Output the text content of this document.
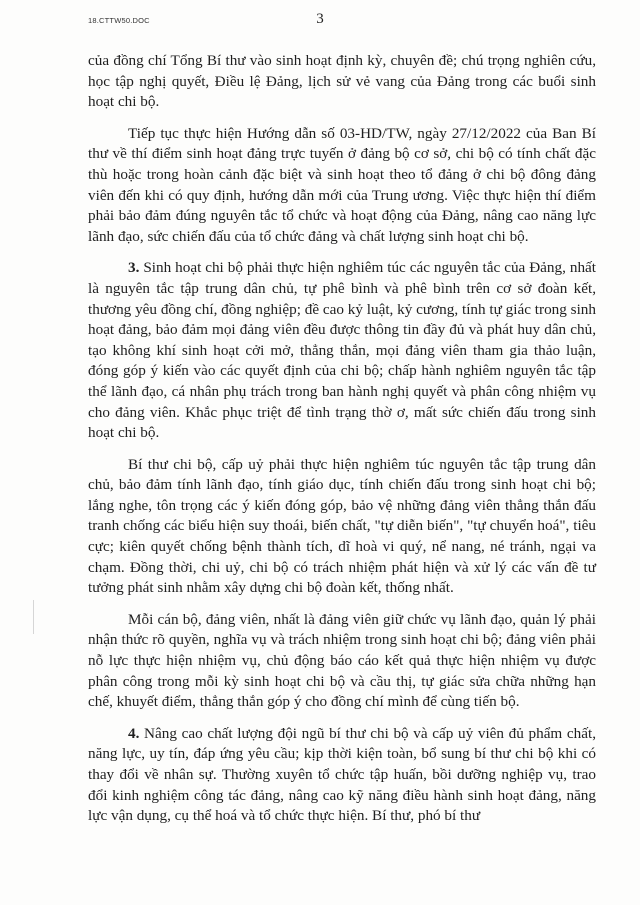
18.CTTW50.DOC	3

của đồng chí Tổng Bí thư vào sinh hoạt định kỳ, chuyên đề; chú trọng nghiên cứu, học tập nghị quyết, Điều lệ Đảng, lịch sử vẻ vang của Đảng trong các buổi sinh hoạt chi bộ.

Tiếp tục thực hiện Hướng dẫn số 03-HD/TW, ngày 27/12/2022 của Ban Bí thư về thí điểm sinh hoạt đảng trực tuyến ở đảng bộ cơ sở, chi bộ có tính chất đặc thù hoặc trong hoàn cảnh đặc biệt và sinh hoạt theo tổ đảng ở chi bộ đông đảng viên đến khi có quy định, hướng dẫn mới của Trung ương. Việc thực hiện thí điểm phải bảo đảm đúng nguyên tắc tổ chức và hoạt động của Đảng, nâng cao năng lực lãnh đạo, sức chiến đấu của tổ chức đảng và chất lượng sinh hoạt chi bộ.

3. Sinh hoạt chi bộ phải thực hiện nghiêm túc các nguyên tắc của Đảng, nhất là nguyên tắc tập trung dân chủ, tự phê bình và phê bình trên cơ sở đoàn kết, thương yêu đồng chí, đồng nghiệp; đề cao kỷ luật, kỷ cương, tính tự giác trong sinh hoạt đảng, bảo đảm mọi đảng viên đều được thông tin đầy đủ và phát huy dân chủ, tạo không khí sinh hoạt cởi mở, thẳng thắn, mọi đảng viên tham gia thảo luận, đóng góp ý kiến vào các quyết định của chi bộ; chấp hành nghiêm nguyên tắc tập thể lãnh đạo, cá nhân phụ trách trong ban hành nghị quyết và phân công nhiệm vụ cho đảng viên. Khắc phục triệt để tình trạng thờ ơ, mất sức chiến đấu trong sinh hoạt chi bộ.

Bí thư chi bộ, cấp uỷ phải thực hiện nghiêm túc nguyên tắc tập trung dân chủ, bảo đảm tính lãnh đạo, tính giáo dục, tính chiến đấu trong sinh hoạt chi bộ; lắng nghe, tôn trọng các ý kiến đóng góp, bảo vệ những đảng viên thẳng thắn đấu tranh chống các biểu hiện suy thoái, biến chất, "tự diễn biến", "tự chuyển hoá", tiêu cực; kiên quyết chống bệnh thành tích, dĩ hoà vi quý, nể nang, né tránh, ngại va chạm. Đồng thời, chi uỷ, chi bộ có trách nhiệm phát hiện và xử lý các vấn đề tư tưởng phát sinh nhằm xây dựng chi bộ đoàn kết, thống nhất.

Mỗi cán bộ, đảng viên, nhất là đảng viên giữ chức vụ lãnh đạo, quản lý phải nhận thức rõ quyền, nghĩa vụ và trách nhiệm trong sinh hoạt chi bộ; đảng viên phải nỗ lực thực hiện nhiệm vụ, chủ động báo cáo kết quả thực hiện nhiệm vụ được phân công trong mỗi kỳ sinh hoạt chi bộ và cầu thị, tự giác sửa chữa những hạn chế, khuyết điểm, thẳng thắn góp ý cho đồng chí mình để cùng tiến bộ.

4. Nâng cao chất lượng đội ngũ bí thư chi bộ và cấp uỷ viên đủ phẩm chất, năng lực, uy tín, đáp ứng yêu cầu; kịp thời kiện toàn, bổ sung bí thư chi bộ khi có thay đổi về nhân sự. Thường xuyên tổ chức tập huấn, bồi dưỡng nghiệp vụ, trao đổi kinh nghiệm công tác đảng, nâng cao kỹ năng điều hành sinh hoạt đảng, năng lực vận dụng, cụ thể hoá và tổ chức thực hiện. Bí thư, phó bí thư
